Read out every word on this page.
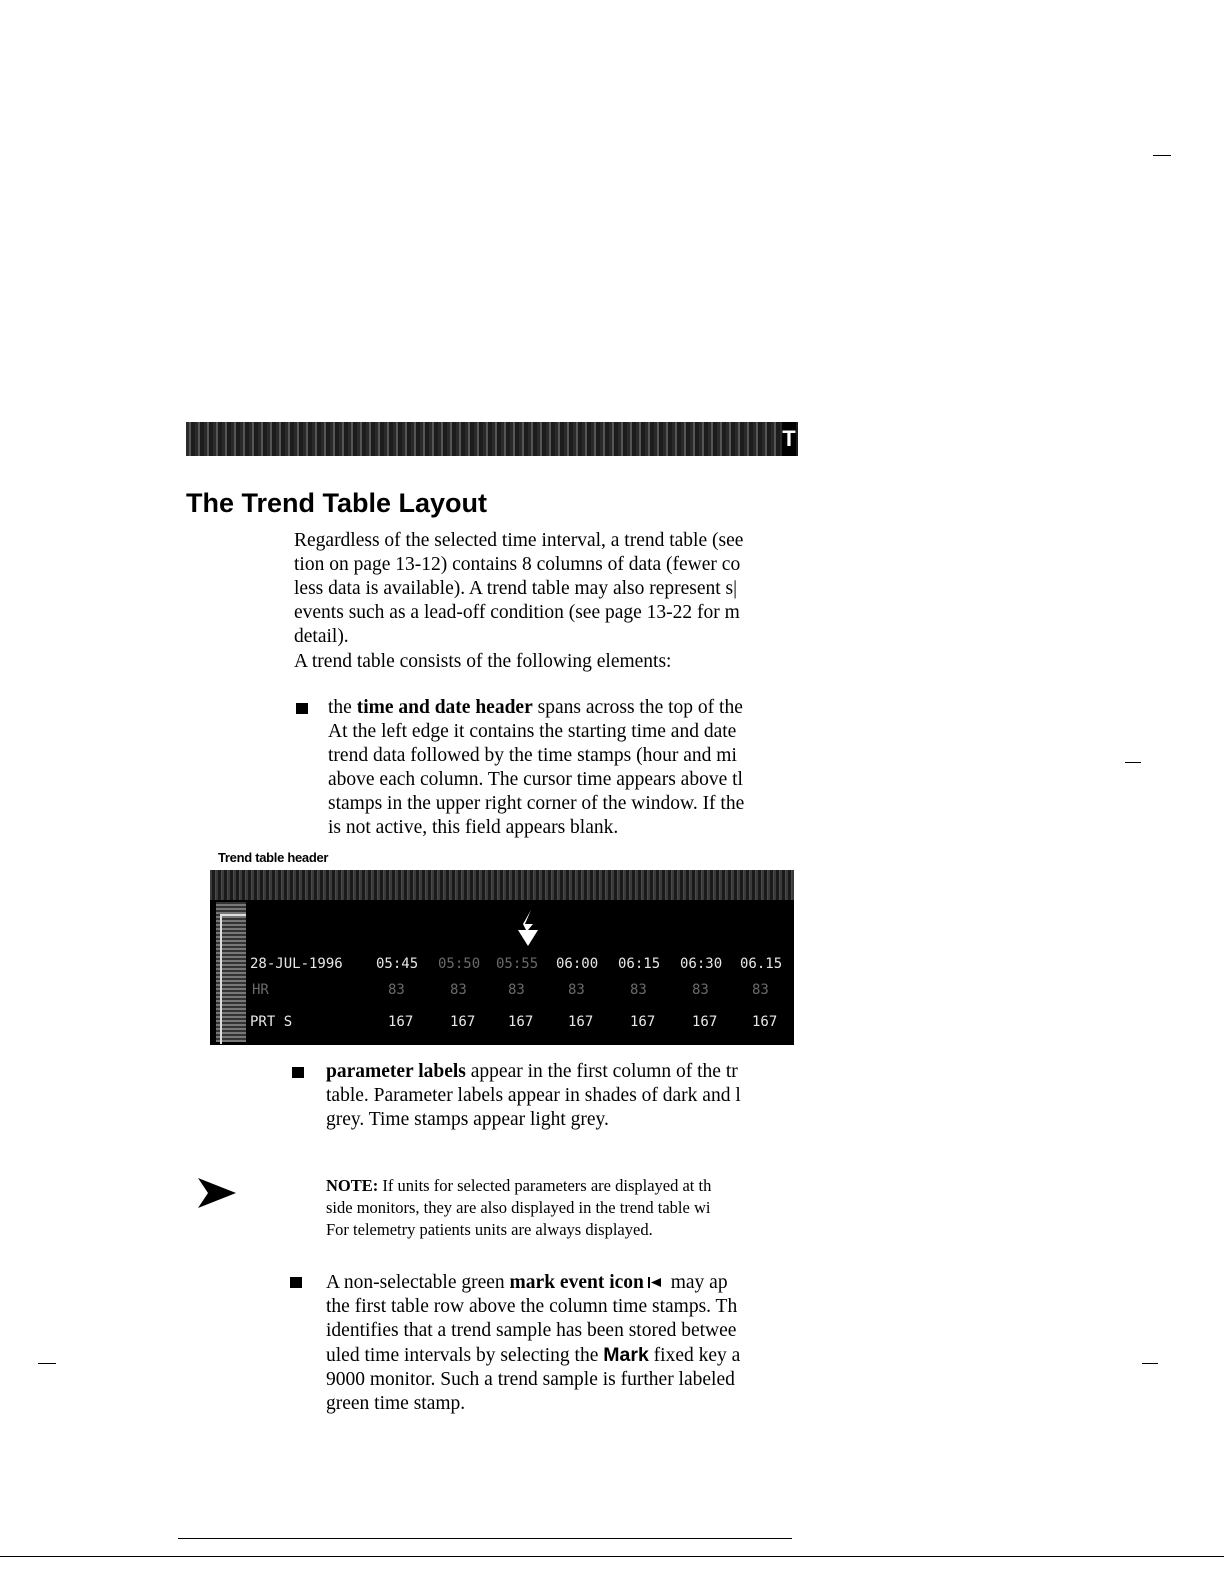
T
The Trend Table Layout
Regardless of the selected time interval, a trend table (see
tion on page 13-12) contains 8 columns of data (fewer co
less data is available). A trend table may also represent s|
events such as a lead-off condition (see page 13-22 for m
detail).
A trend table consists of the following elements:
the time and date header spans across the top of the
At the left edge it contains the starting time and date
trend data followed by the time stamps (hour and mi
above each column. The cursor time appears above tl
stamps in the upper right corner of the window. If the
is not active, this field appears blank.
Trend table header
28-JUL-1996 05:45 05:50 05:55 06:00 06:15 06:30 06.15
HR	83	83	83	83	83	83	83
PRT S	167	167 167 167	167	167 167
parameter labels appear in the first column of the tr
table. Parameter labels appear in shades of dark and l
grey. Time stamps appear light grey.
NOTE: If units for selected parameters are displayed at th
side monitors, they are also displayed in the trend table wi
For telemetry patients units are always displayed.
A non-selectable green mark event icon may ap
the first table row above the column time stamps. Th
identifies that a trend sample has been stored betwee
uled time intervals by selecting the Mark fixed key a
9000 monitor. Such a trend sample is further labeled
green time stamp.
